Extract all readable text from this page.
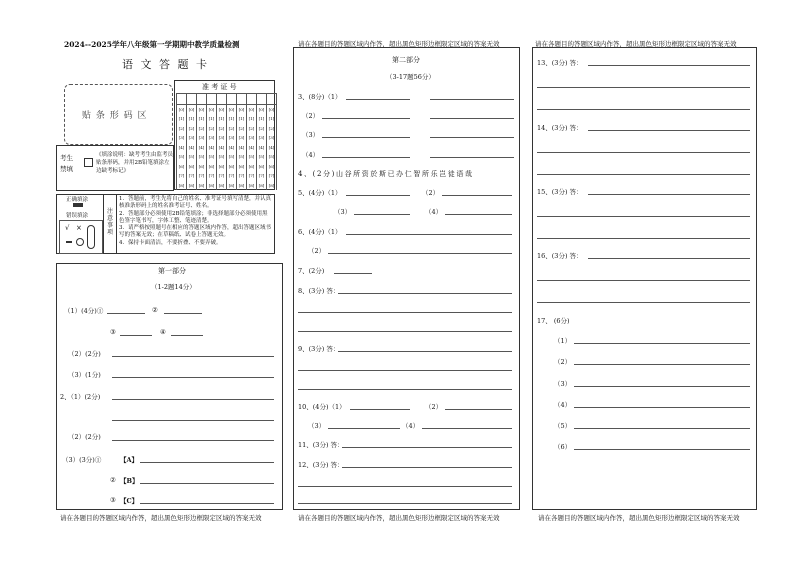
2024--2025学年八年级第一学期期中教学质量检测
语 文 答 题 卡
贴 条 形 码 区
准 考 证 号

[0]	[0]	[0]	[0]	[0]	[0]	[0]	[0]	[0]	[0]
[1]	[1]	[1]	[1]	[1]	[1]	[1]	[1]	[1]	[1]
[2]	[2]	[2]	[2]	[2]	[2]	[2]	[2]	[2]	[2]
[3]	[3]	[3]	[3]	[3]	[3]	[3]	[3]	[3]	[3]
[4]	[4]	[4]	[4]	[4]	[4]	[4]	[4]	[4]	[4]
[5]	[5]	[5]	[5]	[5]	[5]	[5]	[5]	[5]	[5]
[6]	[6]	[6]	[6]	[6]	[6]	[6]	[6]	[6]	[6]
[7]	[7]	[7]	[7]	[7]	[7]	[7]	[7]	[7]	[7]
[8]	[8]	[8]	[8]	[8]	[8]	[8]	[8]	[8]	[8]
考生
禁填
《填涂说明：缺考考生由监考员贴条形码，并用2B铅笔填涂左边缺考标记》
正确填涂
错误填涂
√ ×
注 意 事 项
1．答题前，考生先将自己的姓名、准考证号填写清楚，并认真核准条形码上的姓名准考证号、姓名。
2．答题部分必须使用2B铅笔填涂；非选择题部分必须使用黑色签字笔书写，字体工整、笔迹清楚。
3．请严格按照题号在相应的答题区域内作答，超出答题区域书写的答案无效；在草稿纸、试卷上答题无效。
4．保持卡面清洁，不要折叠、不要弄破。
第一部分
（1-2题14分）
（1）(4分)①	②
③	④
（2）(2分)
（3）(1分)
2、（1）(2分)
（2）(2分)
（3）(3分)①	【A】
② 【B】
③ 【C】
请在各题目的答题区域内作答，超出黑色矩形边框限定区域的答案无效
请在各题目的答题区域内作答，超出黑色矩形边框限定区域的答案无效
第二部分
（3-17题56分）
3、(8分)（1）
（2）
（3）
（4）
4、(2分)山谷所资於斯已办仁智所乐岂徒语哉
5、(4分)（1）	（2）
（3）	（4）
6、(4分)（1）
（2）
7、(2分)
8、(3分) 答：
9、(3分) 答：
10、(4分)（1）	（2）
（3）	（4）
11、(3分) 答：
12、(3分) 答：
请在各题目的答题区域内作答，超出黑色矩形边框限定区域的答案无效
请在各题目的答题区域内作答，超出黑色矩形边框限定区域的答案无效
13、(3分) 答：
14、(3分) 答：
15、(3分) 答：
16、(3分) 答：
17、 (6分)
（1）
（2）
（3）
（4）
（5）
（6）
请在各题目的答题区域内作答，超出黑色矩形边框限定区域的答案无效
